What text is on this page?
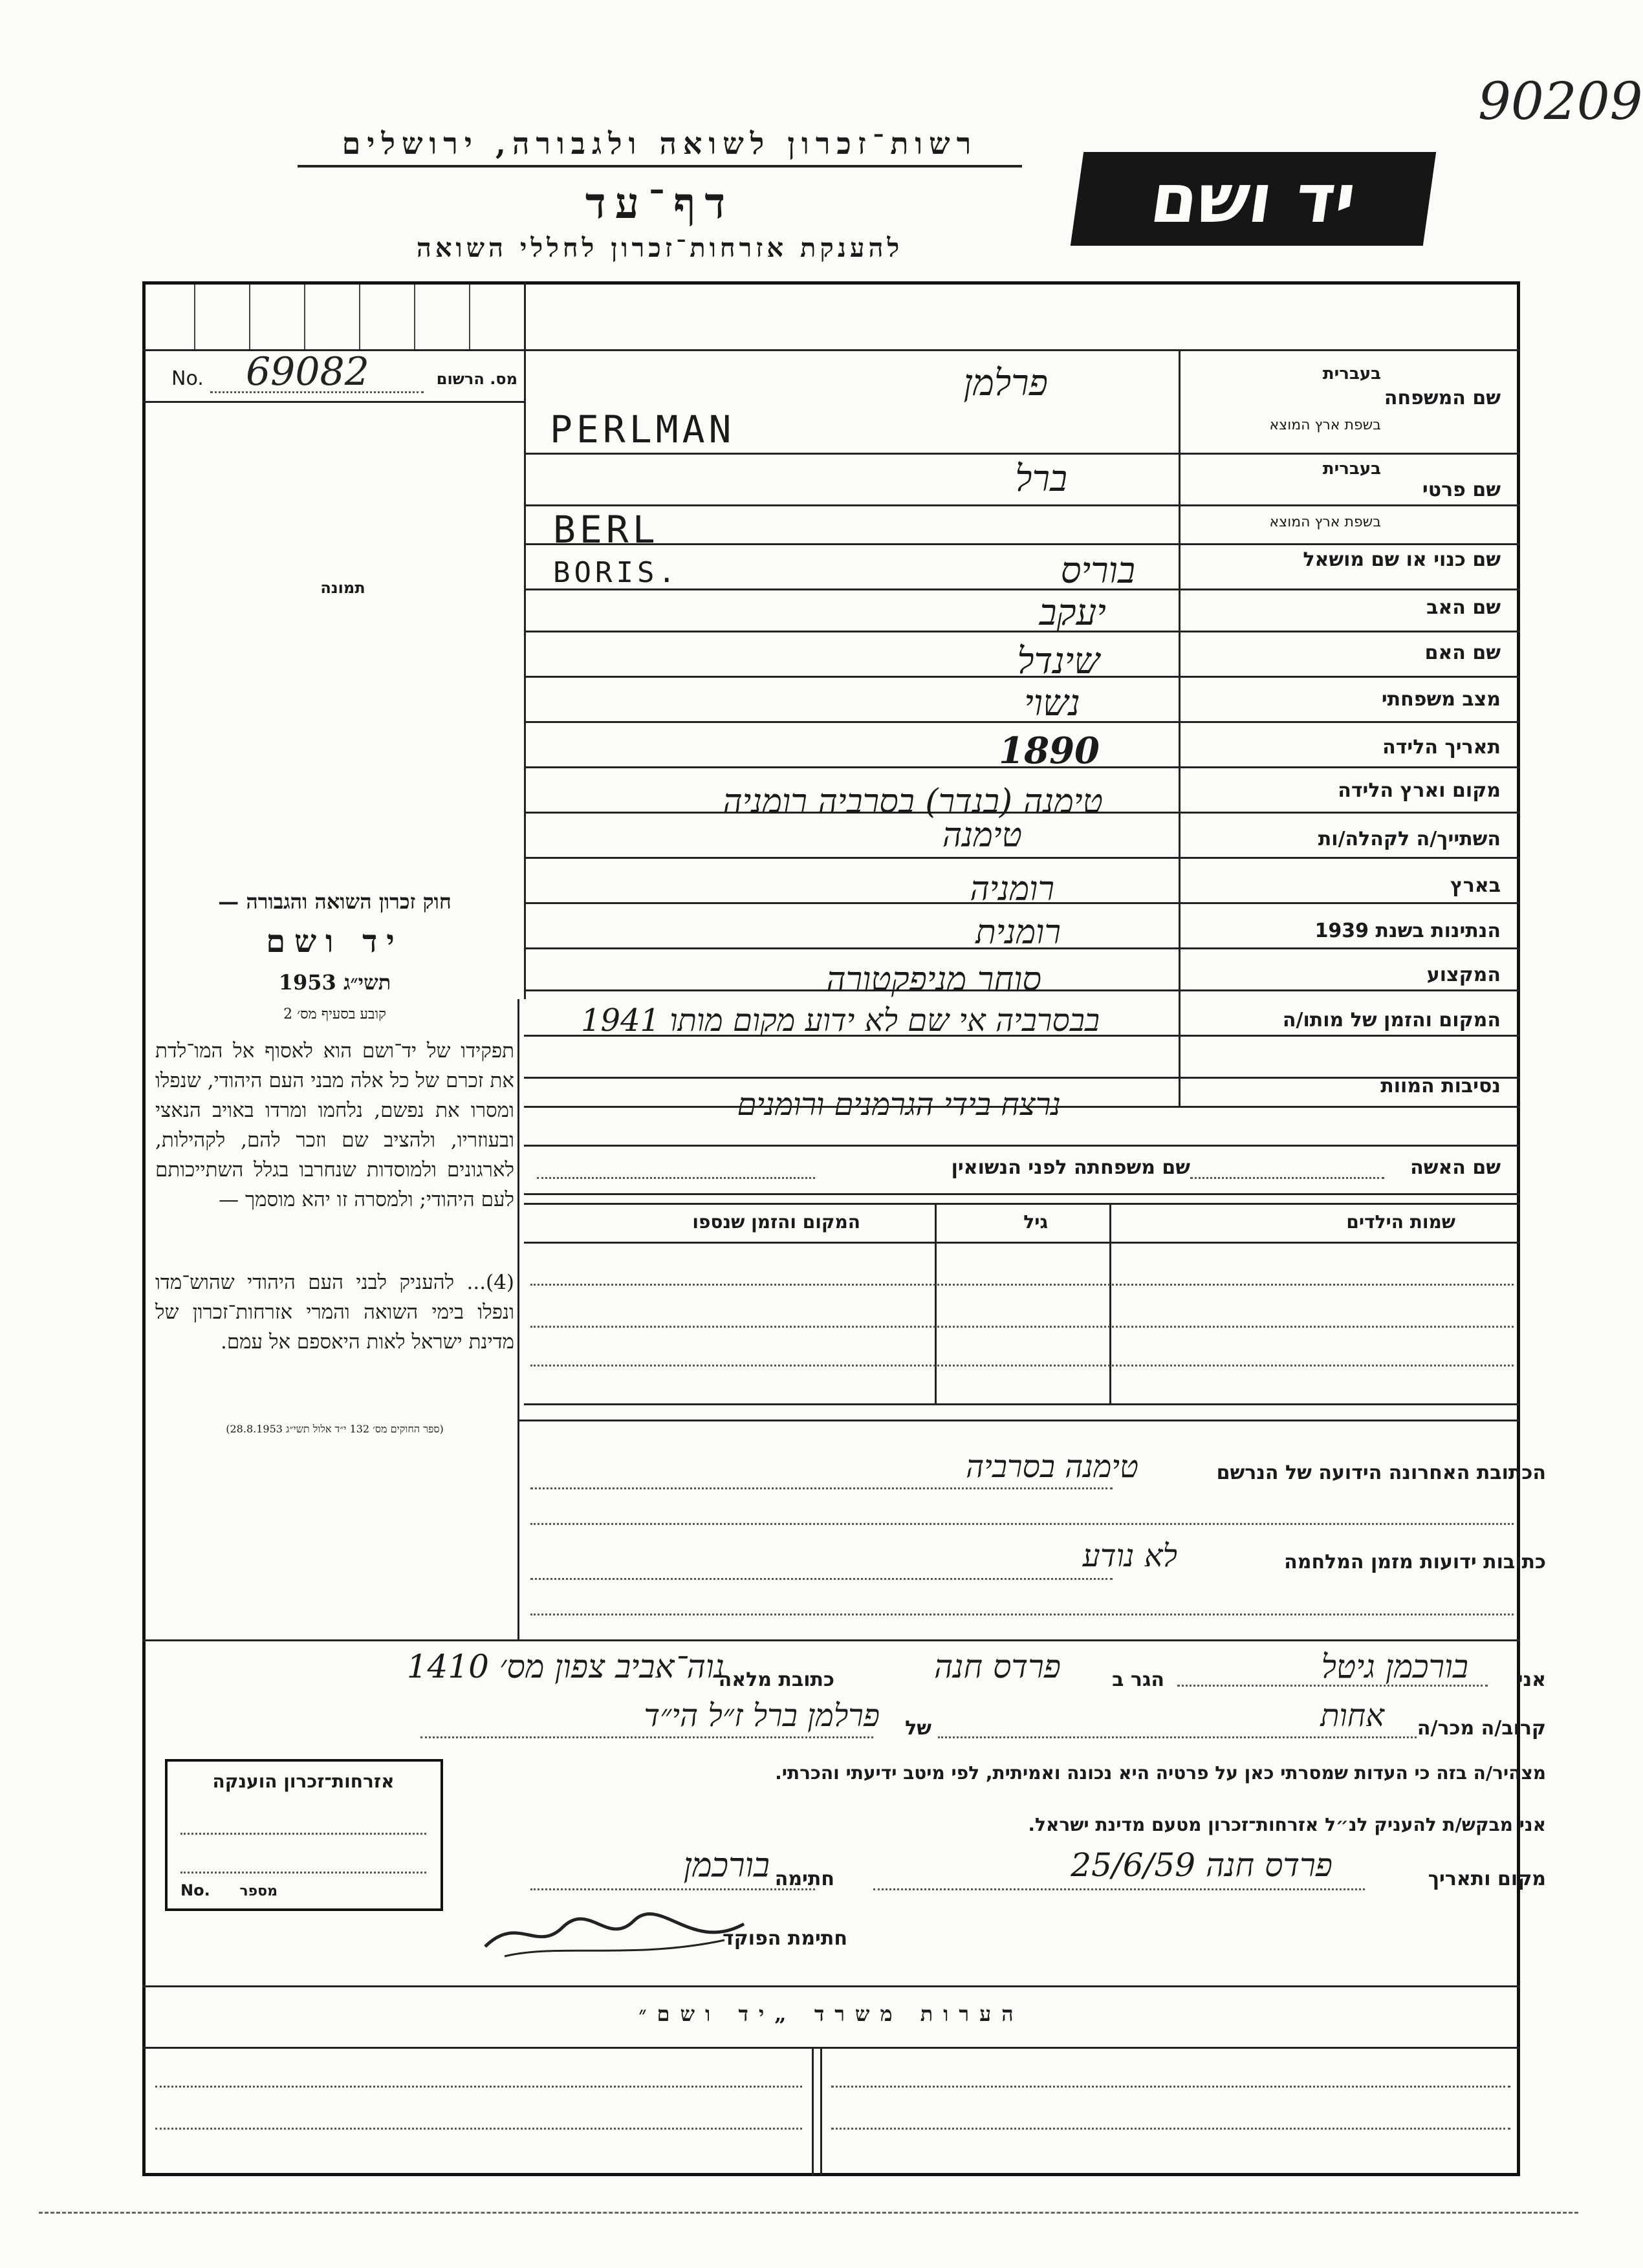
90209
רשות־זכרון לשואה ולגבורה, ירושלים
דף־עד
להענקת אזרחות־זכרון לחללי השואה
יד ושם
No. 69082	מס. הרשום
תמונה
חוק זכרון השואה והגבורה —
יד ושם
תשי״ג 1953
קובע בסעיף מס׳ 2
תפקידו של יד־ושם הוא לאסוף אל המו־לדת את זכרם של כל אלה מבני העם היהודי, שנפלו ומסרו את נפשם, נלחמו ומרדו באויב הנאצי ובעוזריו, ולהציב שם וזכר להם, לקהילות, לארגונים ולמוסדות שנחרבו בגלל השתייכותם לעם היהודי; ולמסרה זו יהא מוסמך —
(4)... להעניק לבני העם היהודי שהוש־מדו ונפלו בימי השואה והמרי אזרחות־זכרון של מדינת ישראל לאות היאספם אל עמם.
(ספר החוקים מס׳ 132 י״ד אלול תשי״ג 28.8.1953)
שם המשפחה
בעברית
בשפת ארץ המוצא
פרלמן
PERLMAN
שם פרטי
בעברית
בשפת ארץ המוצא
ברל
BERL
שם כנוי או שם מושאל
בוריס
BORIS.
שם האב
יעקב
שם האם
שינדל
מצב משפחתי
נשוי
תאריך הלידה
1890
מקום וארץ הלידה
טימנה (בנדר) בסרביה רומניה
השתייך/ה לקהלה/ות
טימנה
בארץ
רומניה
הנתינות בשנת 1939
רומנית
המקצוע
סוחר מניפקטורה
המקום והזמן של מותו/ה
בבסרביה אי שם לא ידוע מקום מותו 1941
נסיבות המוות
נרצח בידי הגרמנים ורומנים
שם האשה
שם משפחתה לפני הנשואין
שמות הילדים
גיל
המקום והזמן שנספו
הכתובת האחרונה הידועה של הנרשם
טימנה בסרביה
כתובות ידועות מזמן המלחמה
לא נודע
אני
בורכמן גיטל
הגר ב
פרדס חנה
כתובת מלאה
נוה־אביב צפון מס׳ 1410
קרוב/ה מכר/ה
אחות
של
פרלמן ברל ז״ל הי״ד
מצהיר/ה בזה כי העדות שמסרתי כאן על פרטיה היא נכונה ואמיתית, לפי מיטב ידיעתי והכרתי.
אני מבקש/ת להעניק לנ״ל אזרחות־זכרון מטעם מדינת ישראל.
מקום ותאריך
פרדס חנה 25/6/59
חתימה
בורכמן
חתימת הפוקד
אזרחות־זכרון הוענקה
No.	מספר
הערות משרד „יד ושם״
